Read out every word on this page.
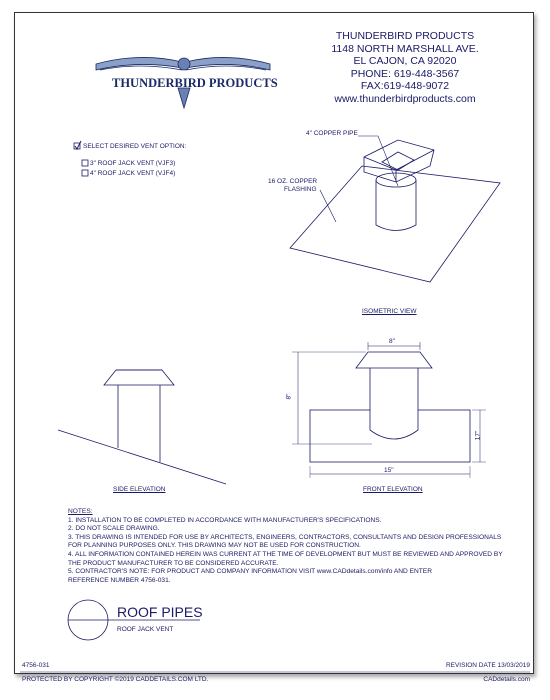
THUNDERBIRD PRODUCTS
THUNDERBIRD PRODUCTS
1148 NORTH MARSHALL AVE.
EL CAJON, CA 92020
PHONE: 619-448-3567
FAX:619-448-9072
www.thunderbirdproducts.com
SELECT DESIRED VENT OPTION:
3" ROOF JACK VENT (VJF3)
4" ROOF JACK VENT (VJF4)
4" COPPER PIPE
16 OZ. COPPER
FLASHING
ISOMETRIC VIEW
SIDE ELEVATION
8"
8"
17"
15"
FRONT ELEVATION
NOTES:
1. INSTALLATION TO BE COMPLETED IN ACCORDANCE WITH MANUFACTURER'S SPECIFICATIONS.
2. DO NOT SCALE DRAWING.
3. THIS DRAWING IS INTENDED FOR USE BY ARCHITECTS, ENGINEERS, CONTRACTORS, CONSULTANTS AND DESIGN PROFESSIONALS
FOR PLANNING PURPOSES ONLY. THIS DRAWING MAY NOT BE USED FOR CONSTRUCTION.
4. ALL INFORMATION CONTAINED HEREIN WAS CURRENT AT THE TIME OF DEVELOPMENT BUT MUST BE REVIEWED AND APPROVED BY
THE PRODUCT MANUFACTURER TO BE CONSIDERED ACCURATE.
5. CONTRACTOR'S NOTE: FOR PRODUCT AND COMPANY INFORMATION VISIT www.CADdetails.com/info AND ENTER
REFERENCE NUMBER 4756-031.
ROOF PIPES
ROOF JACK VENT
4756-031	REVISION DATE 13/03/2019
PROTECTED BY COPYRIGHT ©2019 CADDETAILS.COM LTD.	CADdetails.com
